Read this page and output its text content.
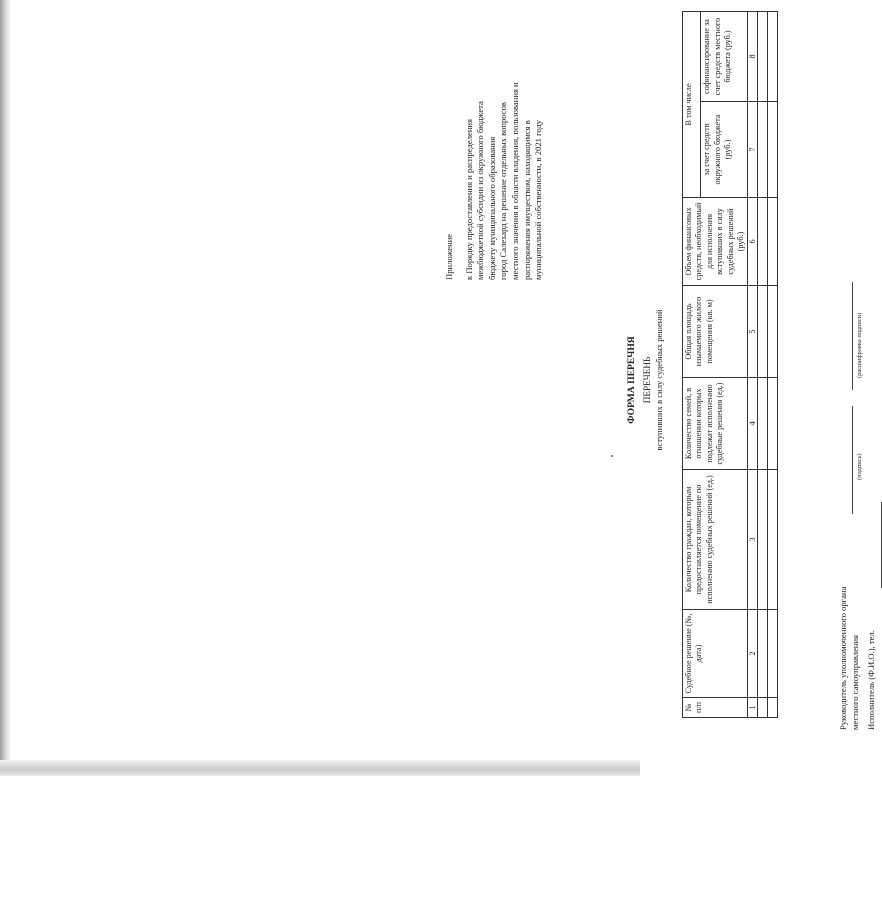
Приложение к Порядку предоставления и распределения межбюджетной субсидии из окружного бюджета бюджету муниципального образования город Салехард на решение отдельных вопросов местного значения в области владения, пользования и распоряжения имуществом, находящимся в муниципальной собственности, в 2021 году
ФОРМА ПЕРЕЧНЯ ПЕРЕЧЕНЬ вступивших в силу судебных решений
№ п/п	Судебное решение (№, дата)	Количество граждан, которым предоставляется помещение по исполнению судебных решений (ед.)	Количество семей, в отношении которых подлежат исполнению судебные решения (ед.)	Общая площадь изымаемого жилого помещения (кв. м)	Объем финансовых средств, необходимый для исполнения вступивших в силу судебных решений (руб.)	В том числе	
						за счет средств окружного бюджета (руб.)	софинансирование за счет средств местного бюджета (руб.)
1	2	3	4	5	6	7	8

Руководитель уполномоченного органа местного самоуправления
(подпись)
(расшифровка подписи)
Исполнитель (Ф.И.О.), тел.
